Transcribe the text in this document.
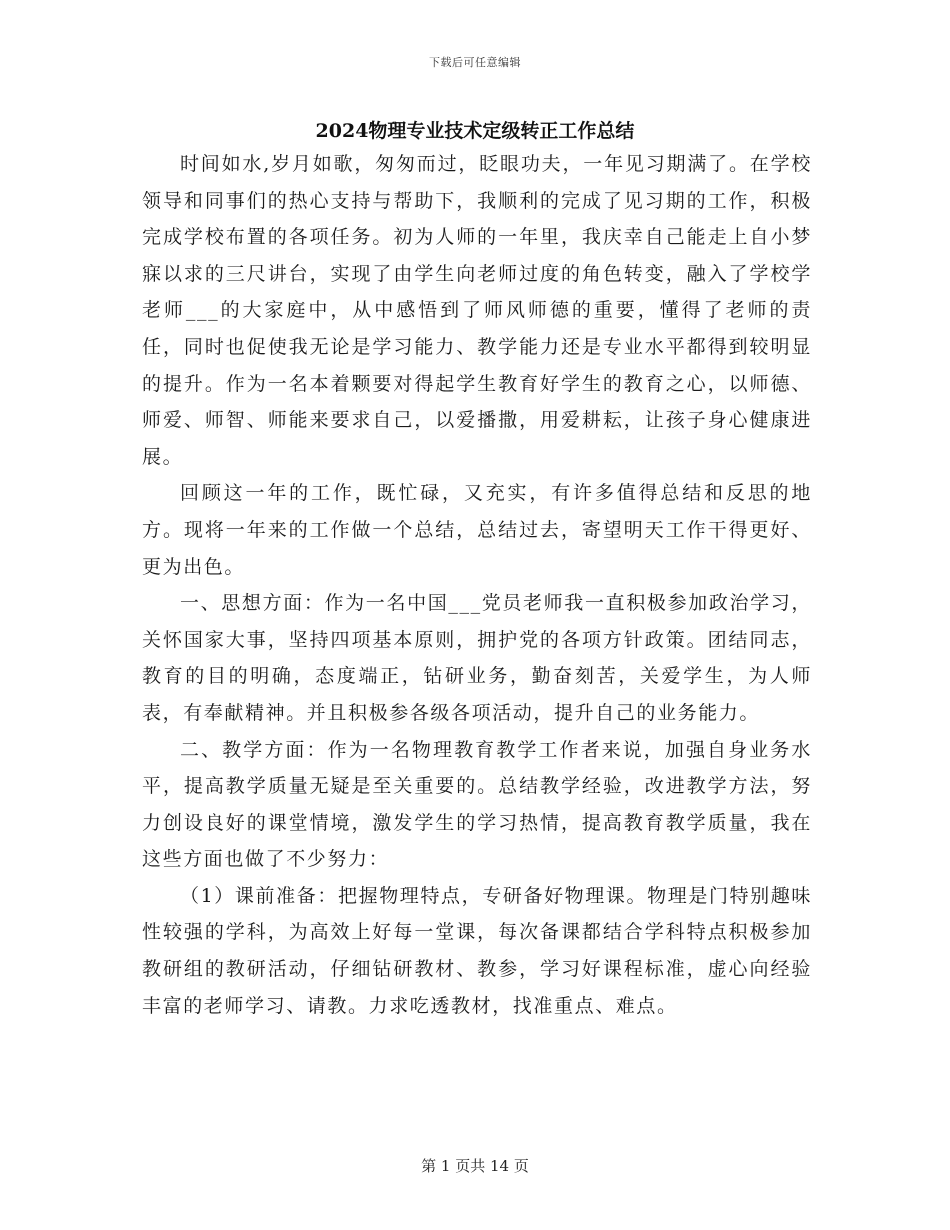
下载后可任意编辑
2024物理专业技术定级转正工作总结

时间如水,岁月如歌，匆匆而过，眨眼功夫，一年见习期满了。在学校领导和同事们的热心支持与帮助下，我顺利的完成了见习期的工作，积极完成学校布置的各项任务。初为人师的一年里，我庆幸自己能走上自小梦寐以求的三尺讲台，实现了由学生向老师过度的角色转变，融入了学校学老师___的大家庭中，从中感悟到了师风师德的重要，懂得了老师的责任，同时也促使我无论是学习能力、教学能力还是专业水平都得到较明显的提升。作为一名本着颗要对得起学生教育好学生的教育之心，以师德、师爱、师智、师能来要求自己，以爱播撒，用爱耕耘，让孩子身心健康进展。

回顾这一年的工作，既忙碌，又充实，有许多值得总结和反思的地方。现将一年来的工作做一个总结，总结过去，寄望明天工作干得更好、更为出色。

一、思想方面：作为一名中国___党员老师我一直积极参加政治学习，关怀国家大事，坚持四项基本原则，拥护党的各项方针政策。团结同志，教育的目的明确，态度端正，钻研业务，勤奋刻苦，关爱学生，为人师表，有奉献精神。并且积极参各级各项活动，提升自己的业务能力。

二、教学方面：作为一名物理教育教学工作者来说，加强自身业务水平，提高教学质量无疑是至关重要的。总结教学经验，改进教学方法，努力创设良好的课堂情境，激发学生的学习热情，提高教育教学质量，我在这些方面也做了不少努力：

（1）课前准备：把握物理特点，专研备好物理课。物理是门特别趣味性较强的学科，为高效上好每一堂课，每次备课都结合学科特点积极参加教研组的教研活动，仔细钻研教材、教参，学习好课程标准，虚心向经验丰富的老师学习、请教。力求吃透教材，找准重点、难点。

第 1 页共 14 页
